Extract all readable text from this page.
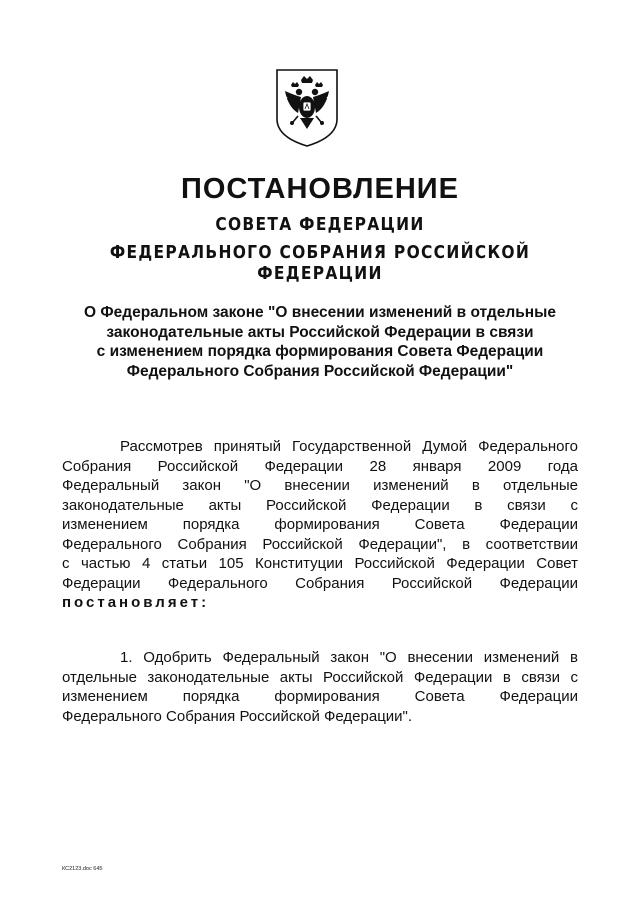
ПОСТАНОВЛЕНИЕ
СОВЕТА ФЕДЕРАЦИИ
ФЕДЕРАЛЬНОГО СОБРАНИЯ РОССИЙСКОЙ ФЕДЕРАЦИИ

О Федеральном законе "О внесении изменений в отдельные
законодательные акты Российской Федерации в связи
с изменением порядка формирования Совета Федерации
Федерального Собрания Российской Федерации"

Рассмотрев принятый Государственной Думой Федерального
Собрания Российской Федерации 28 января 2009 года
Федеральный закон "О внесении изменений в отдельные
законодательные акты Российской Федерации в связи с
изменением порядка формирования Совета Федерации
Федерального Собрания Российской Федерации", в соответствии
с частью 4 статьи 105 Конституции Российской Федерации Совет
Федерации Федерального Собрания Российской Федерации
постановляет:

1. Одобрить Федеральный закон "О внесении изменений в
отдельные законодательные акты Российской Федерации в связи с
изменением порядка формирования Совета Федерации
Федерального Собрания Российской Федерации".

КС2123.doc 645
